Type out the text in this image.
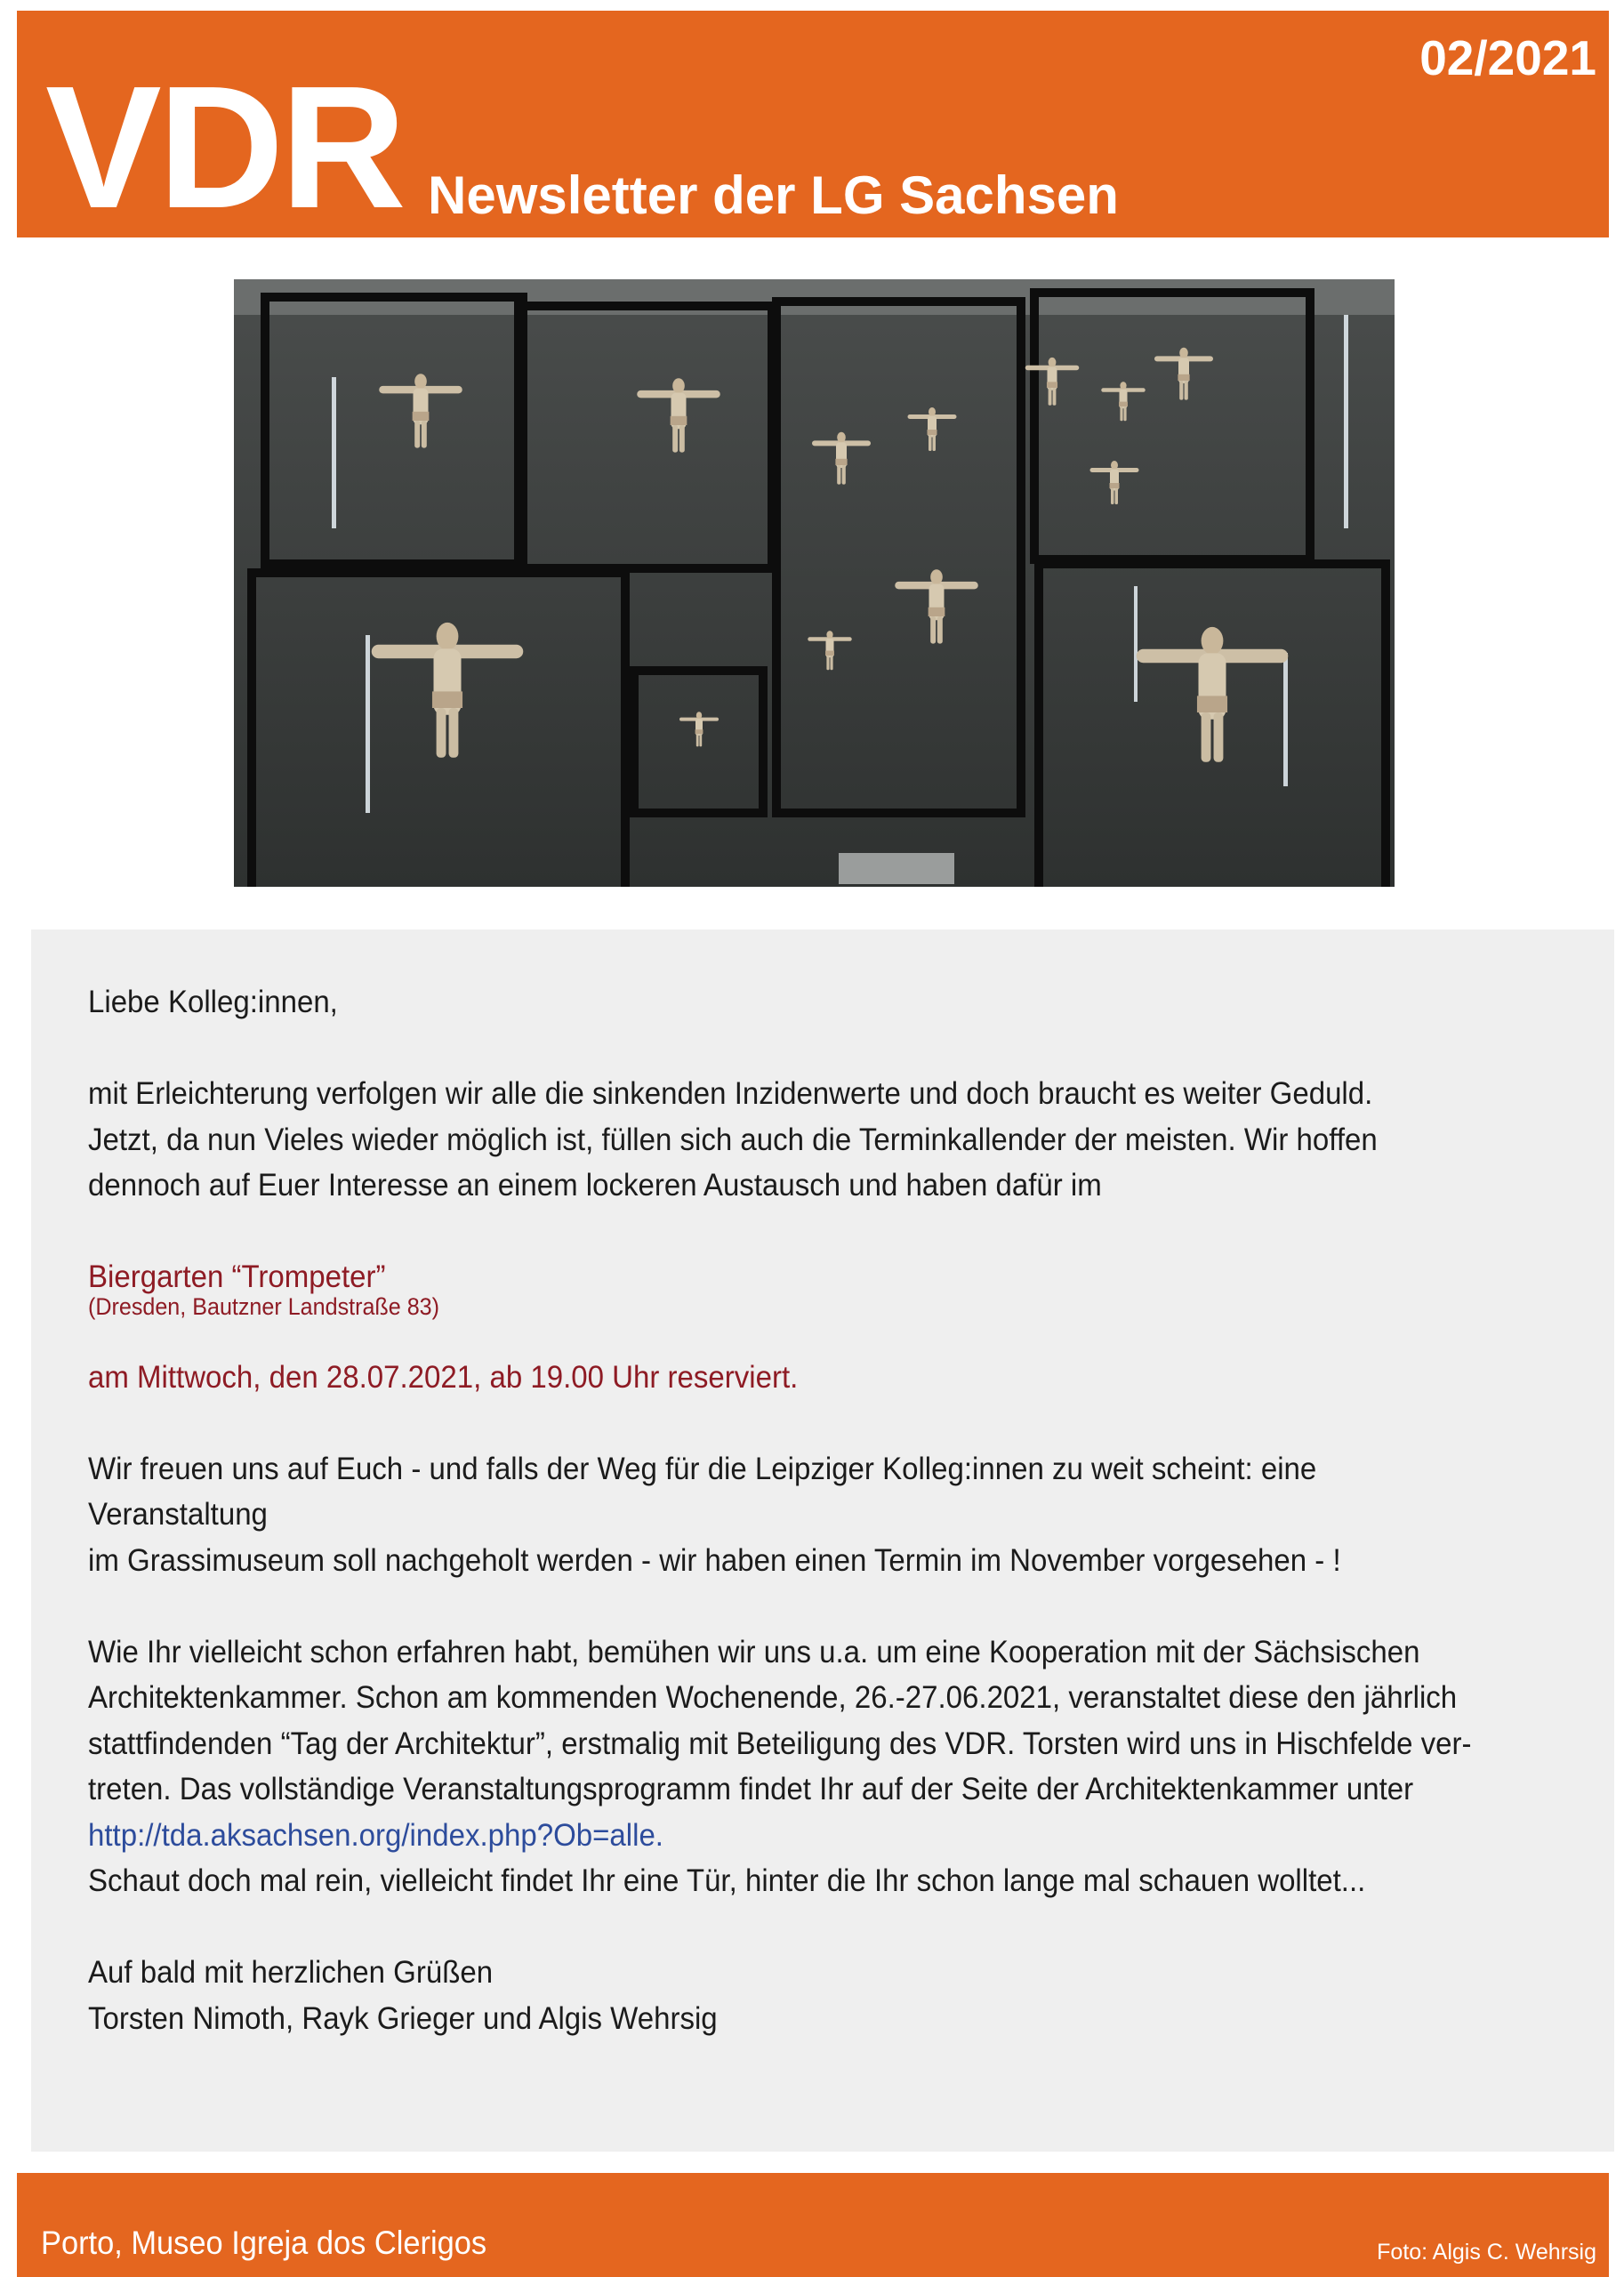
VDR Newsletter der LG Sachsen
02/2021

Liebe Kolleg:innen,

mit Erleichterung verfolgen wir alle die sinkenden Inzidenwerte und doch braucht es weiter Geduld.

Jetzt, da nun Vieles wieder möglich ist, füllen sich auch die Terminkallender der meisten. Wir hoffen

dennoch auf Euer Interesse an einem lockeren Austausch und haben dafür im

Biergarten “Trompeter”

(Dresden, Bautzner Landstraße 83)

am Mittwoch, den 28.07.2021, ab 19.00 Uhr reserviert.

Wir freuen uns auf Euch - und falls der Weg für die Leipziger Kolleg:innen zu weit scheint: eine Veranstaltung

im Grassimuseum soll nachgeholt werden - wir haben einen Termin im November vorgesehen - !

Wie Ihr vielleicht schon erfahren habt, bemühen wir uns u.a. um eine Kooperation mit der Sächsischen

Architektenkammer. Schon am kommenden Wochenende, 26.-27.06.2021, veranstaltet diese den jährlich

stattfindenden “Tag der Architektur”, erstmalig mit Beteiligung des VDR. Torsten wird uns in Hischfelde ver-

treten. Das vollständige Veranstaltungsprogramm findet Ihr auf der Seite der Architektenkammer unter

http://tda.aksachsen.org/index.php?Ob=alle.

Schaut doch mal rein, vielleicht findet Ihr eine Tür, hinter die Ihr schon lange mal schauen wolltet...

Auf bald mit herzlichen Grüßen

Torsten Nimoth, Rayk Grieger und Algis Wehrsig

Porto, Museo Igreja dos Clerigos	Foto: Algis C. Wehrsig
